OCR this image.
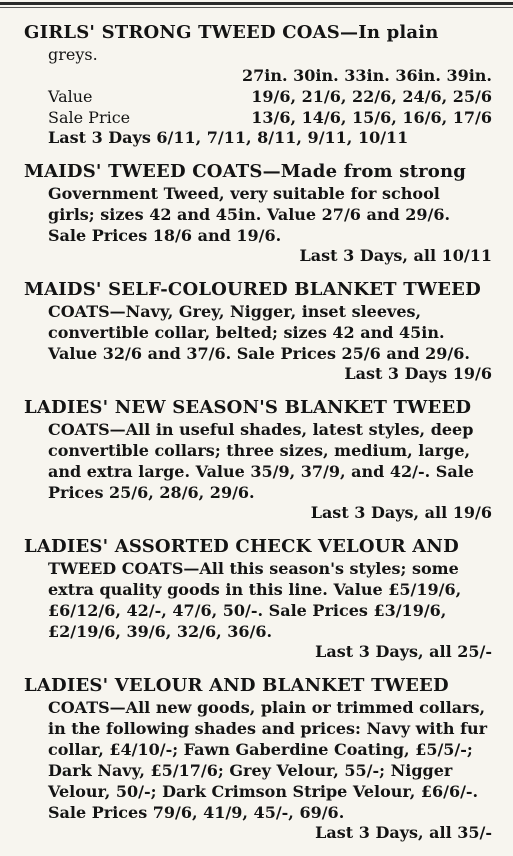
GIRLS' STRONG TWEED COAS—In plain
greys.
	27in. 30in. 33in. 36in. 39in.
Value	19/6, 21/6, 22/6, 24/6, 25/6
Sale Price	13/6, 14/6, 15/6, 16/6, 17/6
Last 3 Days 6/11, 7/11, 8/11, 9/11, 10/11
MAIDS' TWEED COATS—Made from strong
Government Tweed, very suitable for school girls; sizes 42 and 45in. Value 27/6 and 29/6. Sale Prices 18/6 and 19/6.
Last 3 Days, all 10/11
MAIDS' SELF-COLOURED BLANKET TWEED
COATS—Navy, Grey, Nigger, inset sleeves, convertible collar, belted; sizes 42 and 45in. Value 32/6 and 37/6. Sale Prices 25/6 and 29/6.
Last 3 Days 19/6
LADIES' NEW SEASON'S BLANKET TWEED
COATS—All in useful shades, latest styles, deep convertible collars; three sizes, medium, large, and extra large. Value 35/9, 37/9, and 42/-. Sale Prices 25/6, 28/6, 29/6.
Last 3 Days, all 19/6
LADIES' ASSORTED CHECK VELOUR AND
TWEED COATS—All this season's styles; some extra quality goods in this line. Value £5/19/6, £6/12/6, 42/-, 47/6, 50/-. Sale Prices £3/19/6, £2/19/6, 39/6, 32/6, 36/6.
Last 3 Days, all 25/-
LADIES' VELOUR AND BLANKET TWEED
COATS—All new goods, plain or trimmed collars, in the following shades and prices: Navy with fur collar, £4/10/-; Fawn Gaberdine Coating, £5/5/-; Dark Navy, £5/17/6; Grey Velour, 55/-; Nigger Velour, 50/-; Dark Crimson Stripe Velour, £6/6/-. Sale Prices 79/6, 41/9, 45/-, 69/6.
Last 3 Days, all 35/-
